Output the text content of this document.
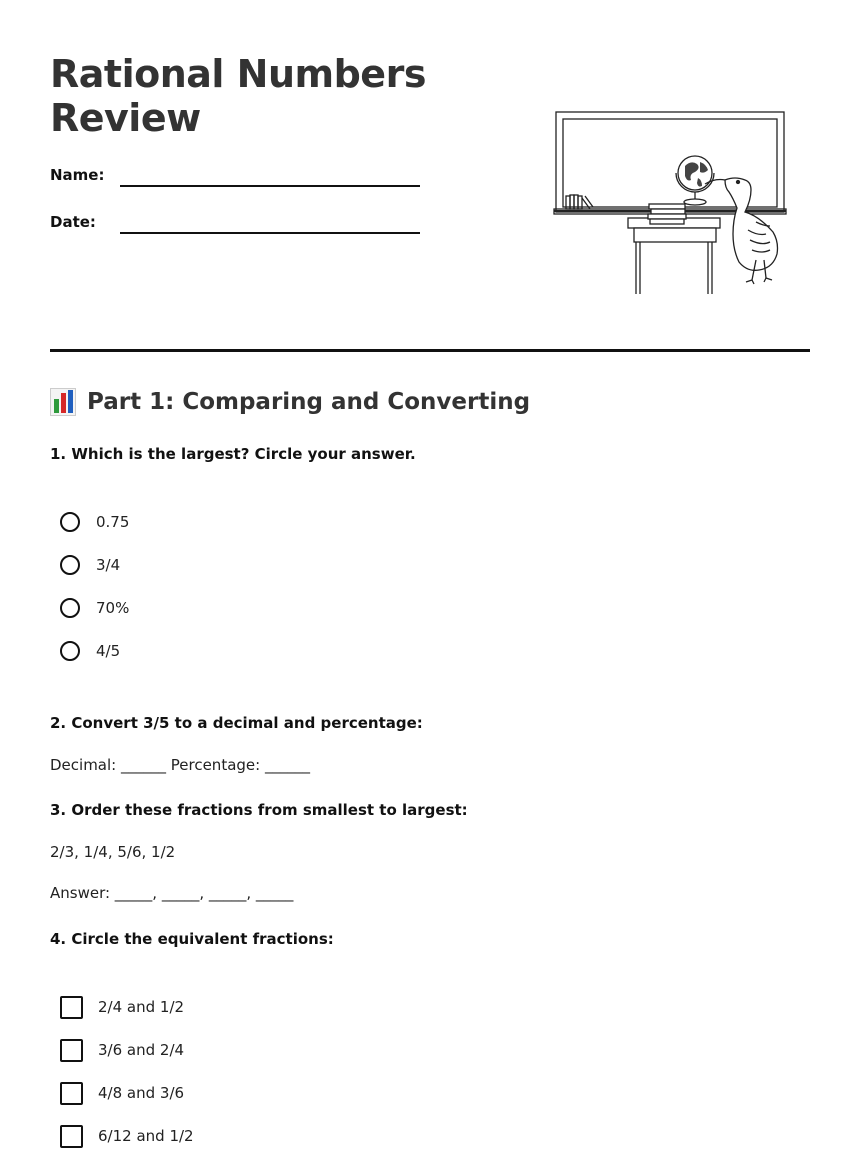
Rational Numbers
Review
Name:
Date:
Part 1: Comparing and Converting
1. Which is the largest? Circle your answer.
0.75
3/4
70%
4/5
2. Convert 3/5 to a decimal and percentage:
Decimal: ______ Percentage: ______
3. Order these fractions from smallest to largest:
2/3, 1/4, 5/6, 1/2
Answer: _____, _____, _____, _____
4. Circle the equivalent fractions:
2/4 and 1/2
3/6 and 2/4
4/8 and 3/6
6/12 and 1/2
